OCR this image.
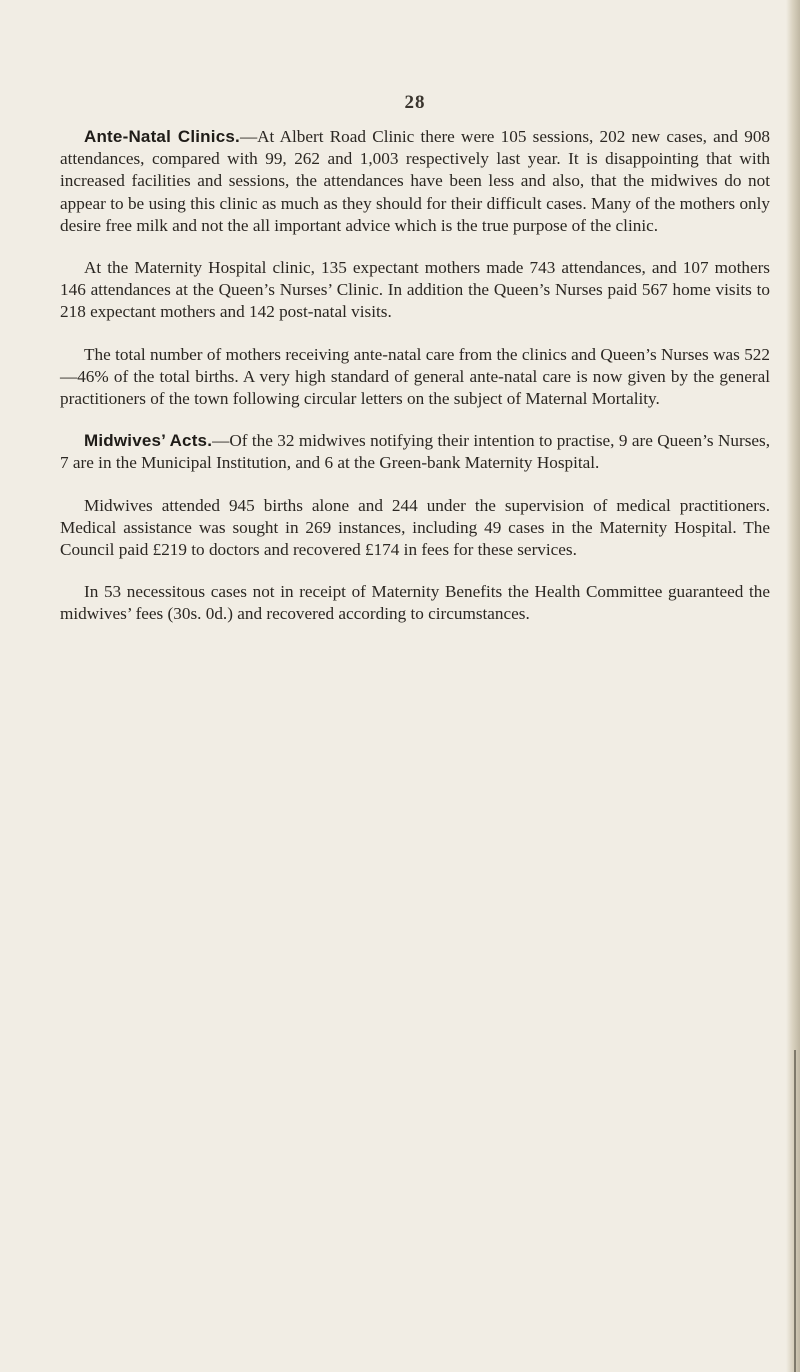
28

Ante-Natal Clinics.—At Albert Road Clinic there were 105 sessions, 202 new cases, and 908 attendances, compared with 99, 262 and 1,003 respectively last year. It is disappointing that with increased facilities and sessions, the attendances have been less and also, that the midwives do not appear to be using this clinic as much as they should for their difficult cases. Many of the mothers only desire free milk and not the all important advice which is the true purpose of the clinic.

At the Maternity Hospital clinic, 135 expectant mothers made 743 attendances, and 107 mothers 146 attendances at the Queen’s Nurses’ Clinic. In addition the Queen’s Nurses paid 567 home visits to 218 expectant mothers and 142 post-natal visits.

The total number of mothers receiving ante-natal care from the clinics and Queen’s Nurses was 522—46% of the total births. A very high standard of general ante-natal care is now given by the general practitioners of the town following circular letters on the subject of Maternal Mortality.

Midwives’ Acts.—Of the 32 midwives notifying their intention to practise, 9 are Queen’s Nurses, 7 are in the Municipal Institution, and 6 at the Green-bank Maternity Hospital.

Midwives attended 945 births alone and 244 under the supervision of medical practitioners. Medical assistance was sought in 269 instances, including 49 cases in the Maternity Hospital. The Council paid £219 to doctors and recovered £174 in fees for these services.

In 53 necessitous cases not in receipt of Maternity Benefits the Health Committee guaranteed the midwives’ fees (30s. 0d.) and recovered according to circumstances.
